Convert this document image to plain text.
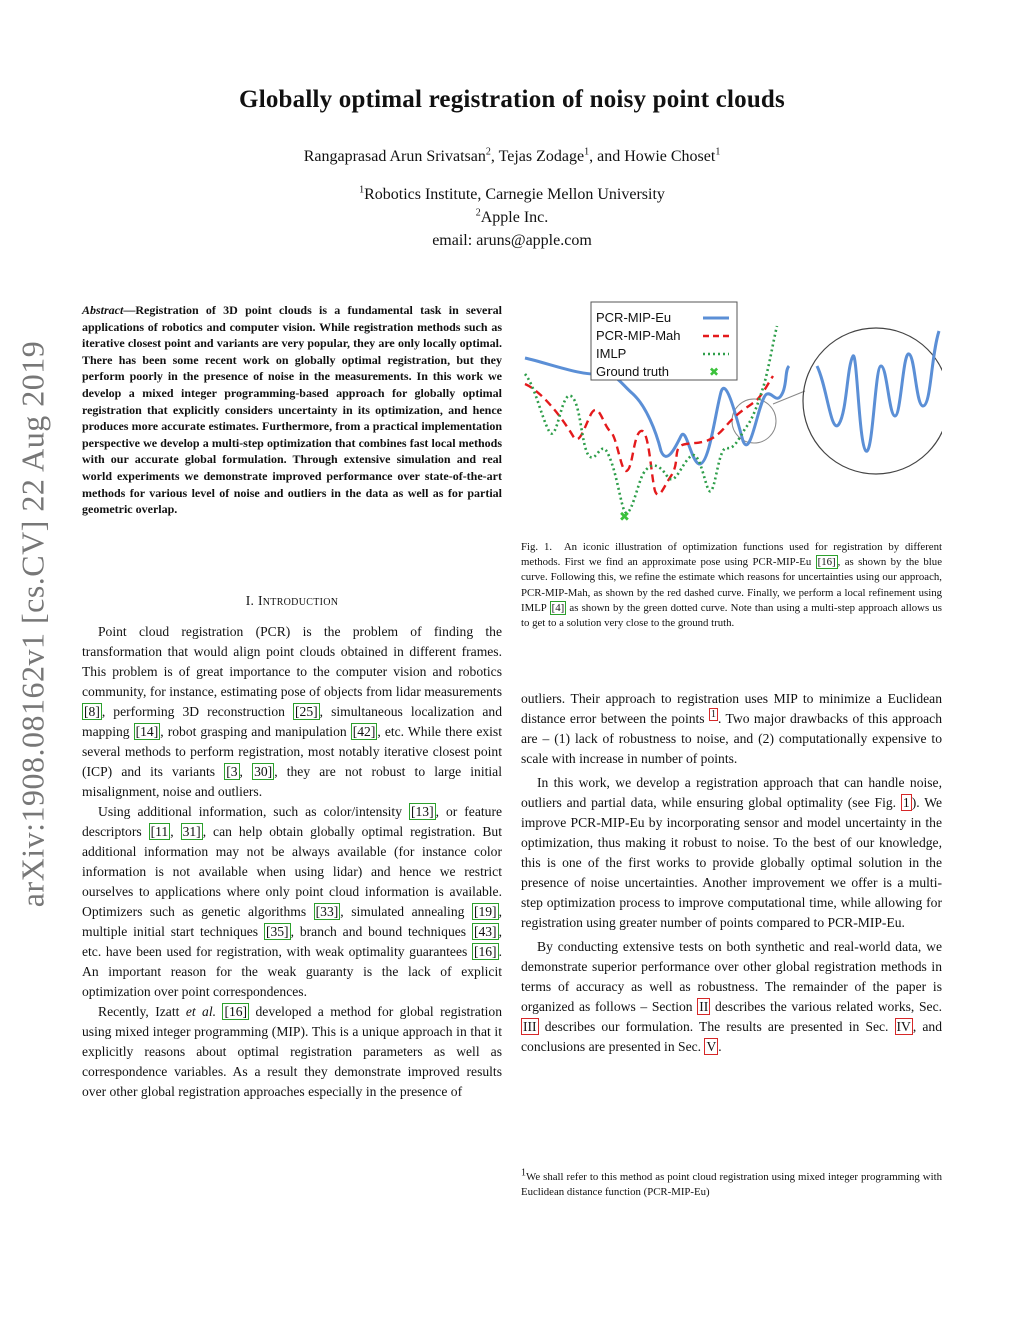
arXiv:1908.08162v1 [cs.CV] 22 Aug 2019
Globally optimal registration of noisy point clouds
Rangaprasad Arun Srivatsan$^2$, Tejas Zodage$^1$, and Howie Choset$^1$
$^1$Robotics Institute, Carnegie Mellon University
$^2$Apple Inc.
email: aruns@apple.com
Abstract—Registration of 3D point clouds is a fundamental task in several applications of robotics and computer vision. While registration methods such as iterative closest point and variants are very popular, they are only locally optimal. There has been some recent work on globally optimal registration, but they perform poorly in the presence of noise in the measurements. In this work we develop a mixed integer programming-based approach for globally optimal registration that explicitly considers uncertainty in its optimization, and hence produces more accurate estimates. Furthermore, from a practical implementation perspective we develop a multi-step optimization that combines fast local methods with our accurate global formulation. Through extensive simulation and real world experiments we demonstrate improved performance over state-of-the-art methods for various level of noise and outliers in the data as well as for partial geometric overlap.
I. Introduction

Point cloud registration (PCR) is the problem of finding the transformation that would align point clouds obtained in different frames. This problem is of great importance to the computer vision and robotics community, for instance, estimating pose of objects from lidar measurements [8] , performing 3D reconstruction [25] , simultaneous localization and mapping [14] , robot grasping and manipulation [42] , etc. While there exist several methods to perform registration, most notably iterative closest point (ICP) and its variants [3 , 30] , they are not robust to large initial misalignment, noise and outliers.

Using additional information, such as color/intensity [13] , or feature descriptors [11 , 31] , can help obtain globally optimal registration. But additional information may not be always available (for instance color information is not available when using lidar) and hence we restrict ourselves to applications where only point cloud information is available. Optimizers such as genetic algorithms [33] , simulated annealing [19] , multiple initial start techniques [35] , branch and bound techniques [43] , etc. have been used for registration, with weak optimality guarantees [16] . An important reason for the weak guaranty is the lack of explicit optimization over point correspondences.

Recently, Izatt et al. [16] developed a method for global registration using mixed integer programming (MIP). This is a unique approach in that it explicitly reasons about optimal registration parameters as well as correspondence variables. As a result they demonstrate improved results over other global registration approaches especially in the presence of

✖
PCR-MIP-Eu
PCR-MIP-Mah
IMLP
Ground truth	✖
Fig. 1. An iconic illustration of optimization functions used for registration by different methods. First we find an approximate pose using PCR-MIP-Eu [16] , as shown by the blue curve. Following this, we refine the estimate which reasons for uncertainties using our approach, PCR-MIP-Mah, as shown by the red dashed curve. Finally, we perform a local refinement using IMLP [4] as shown by the green dotted curve. Note than using a multi-step approach allows us to get to a solution very close to the ground truth.

outliers. Their approach to registration uses MIP to minimize a Euclidean distance error between the points $^1$ . Two major drawbacks of this approach are – (1) lack of robustness to noise, and (2) computationally expensive to scale with increase in number of points.

In this work, we develop a registration approach that can handle noise, outliers and partial data, while ensuring global optimality (see Fig. 1 ). We improve PCR-MIP-Eu by incorporating sensor and model uncertainty in the optimization, thus making it robust to noise. To the best of our knowledge, this is one of the first works to provide globally optimal solution in the presence of noise uncertainties. Another improvement we offer is a multi-step optimization process to improve computational time, while allowing for registration using greater number of points compared to PCR-MIP-Eu.

By conducting extensive tests on both synthetic and real-world data, we demonstrate superior performance over other global registration methods in terms of accuracy as well as robustness. The remainder of the paper is organized as follows – Section II describes the various related works, Sec. III describes our formulation. The results are presented in Sec. IV , and conclusions are presented in Sec. V .

$^1$We shall refer to this method as point cloud registration using mixed integer programming with Euclidean distance function (PCR-MIP-Eu)
